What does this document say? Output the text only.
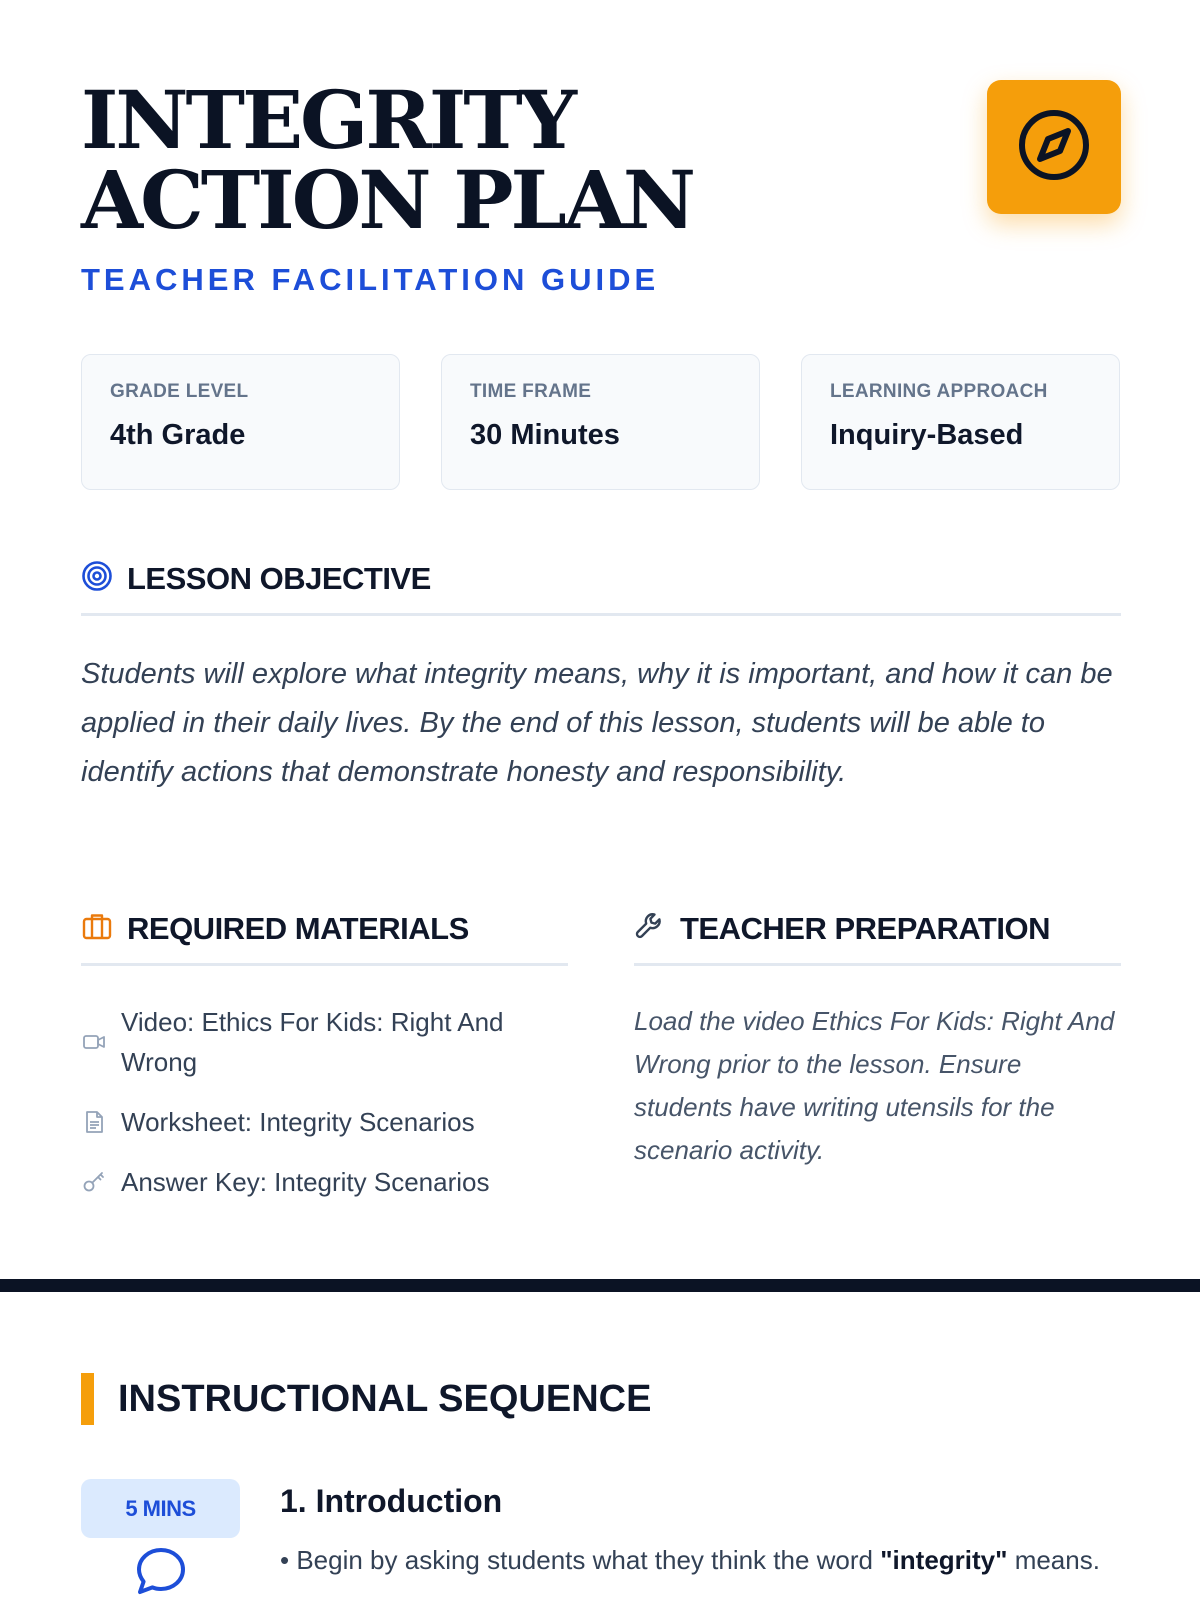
INTEGRITY ACTION PLAN
TEACHER FACILITATION GUIDE
GRADE LEVEL
4th Grade
TIME FRAME
30 Minutes
LEARNING APPROACH
Inquiry-Based
LESSON OBJECTIVE

Students will explore what integrity means, why it is important, and how it can be applied in their daily lives. By the end of this lesson, students will be able to identify actions that demonstrate honesty and responsibility.

REQUIRED MATERIALS
Video: Ethics For Kids: Right And Wrong
Worksheet: Integrity Scenarios
Answer Key: Integrity Scenarios
TEACHER PREPARATION

Load the video Ethics For Kids: Right And Wrong prior to the lesson. Ensure students have writing utensils for the scenario activity.

INSTRUCTIONAL SEQUENCE
5 MINS	1. Introduction

• Begin by asking students what they think the word "integrity" means.
